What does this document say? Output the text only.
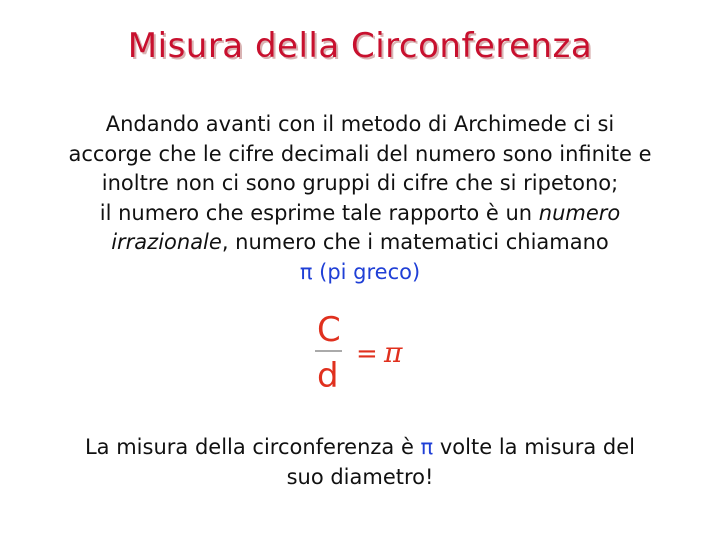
Misura della Circonferenza
Andando avanti con il metodo di Archimede ci si
accorge che le cifre decimali del numero sono infinite e
inoltre non ci sono gruppi di cifre che si ripetono;
il numero che esprime tale rapporto è un numero
irrazionale, numero che i matematici chiamano
π (pi greco)
C
d
= π
La misura della circonferenza è π volte la misura del
suo diametro!
